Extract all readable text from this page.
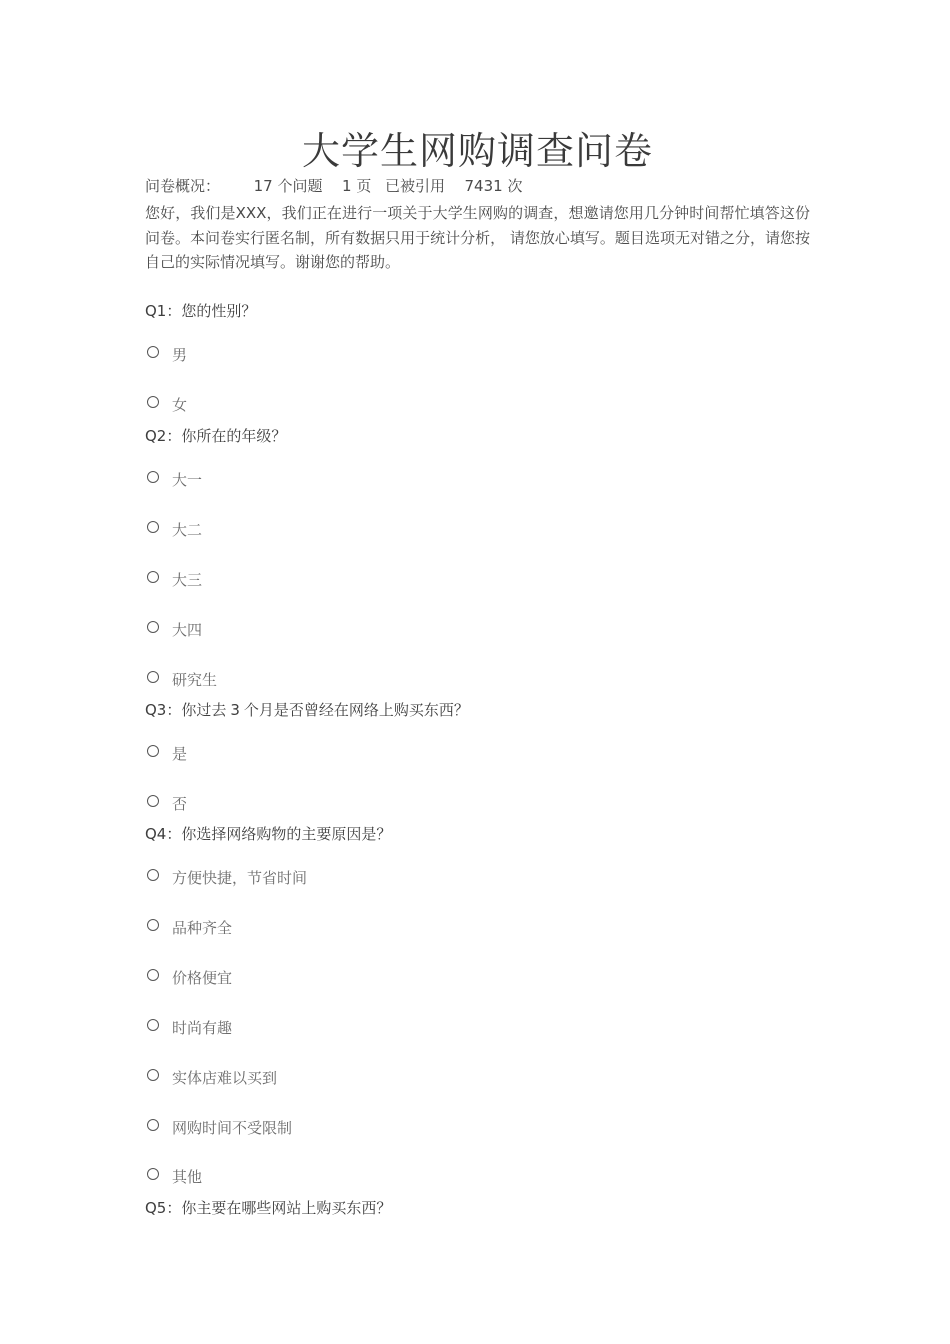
大学生网购调查问卷
问卷概况： 17 个问题 1 页 已被引用 7431 次
您好，我们是XXX，我们正在进行一项关于大学生网购的调查，想邀请您用几分钟时间帮忙填答这份问卷。本问卷实行匿名制，所有数据只用于统计分析， 请您放心填写。题目选项无对错之分，请您按自己的实际情况填写。谢谢您的帮助。
Q1：您的性别？
男
女
Q2：你所在的年级？
大一
大二
大三
大四
研究生
Q3：你过去 3 个月是否曾经在网络上购买东西？
是
否
Q4：你选择网络购物的主要原因是？
方便快捷，节省时间
品种齐全
价格便宜
时尚有趣
实体店难以买到
网购时间不受限制
其他
Q5：你主要在哪些网站上购买东西？
